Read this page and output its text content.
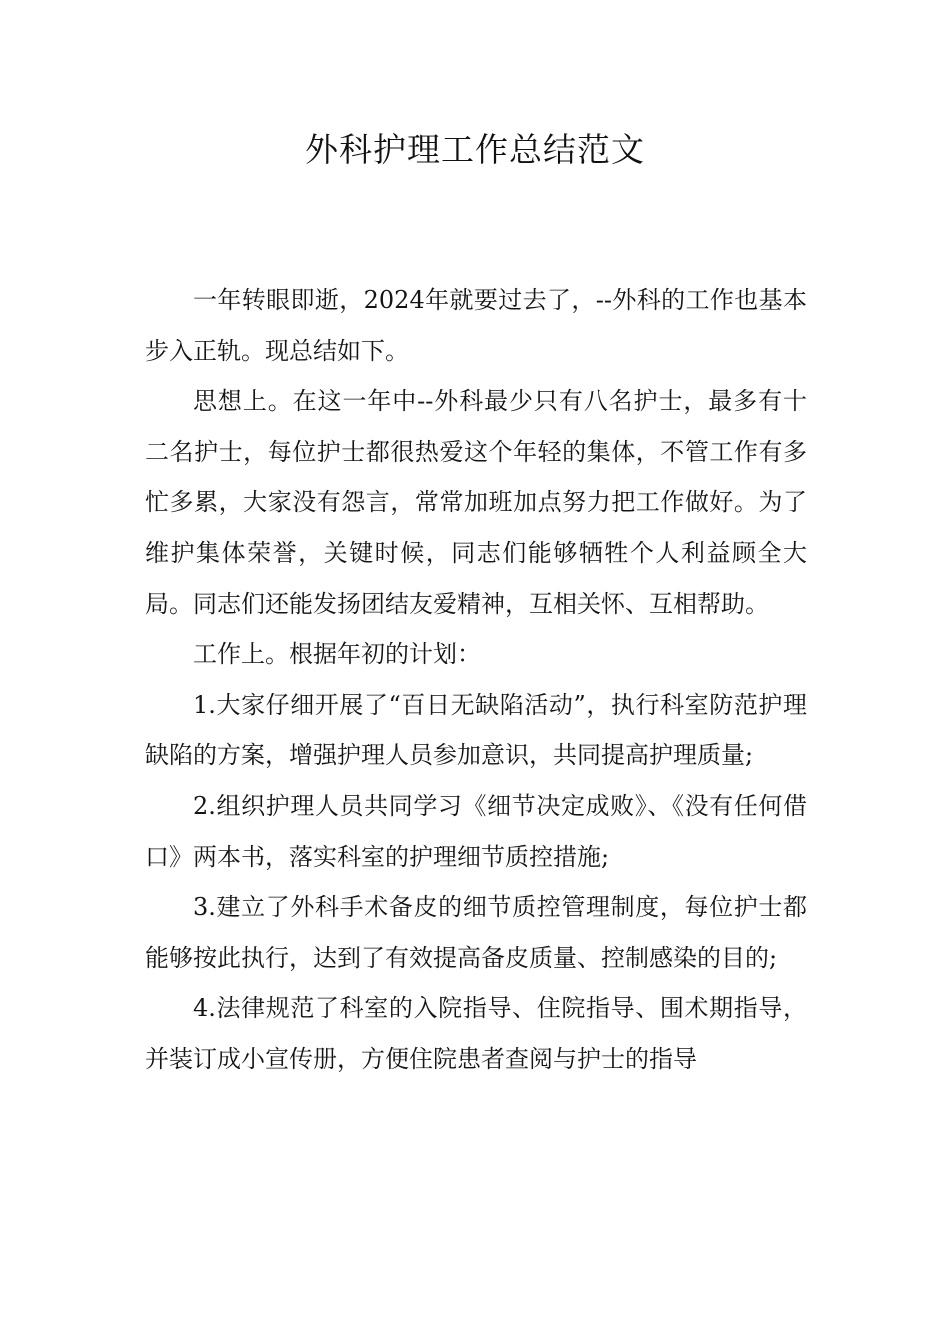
外科护理工作总结范文

一年转眼即逝，2024年就要过去了，--外科的工作也基本步入正轨。现总结如下。

思想上。在这一年中--外科最少只有八名护士，最多有十二名护士，每位护士都很热爱这个年轻的集体，不管工作有多忙多累，大家没有怨言，常常加班加点努力把工作做好。为了维护集体荣誉，关键时候，同志们能够牺牲个人利益顾全大局。同志们还能发扬团结友爱精神，互相关怀、互相帮助。

工作上。根据年初的计划：

1.大家仔细开展了“百日无缺陷活动”，执行科室防范护理缺陷的方案，增强护理人员参加意识，共同提高护理质量;

2.组织护理人员共同学习《细节决定成败》、《没有任何借口》两本书，落实科室的护理细节质控措施;

3.建立了外科手术备皮的细节质控管理制度，每位护士都能够按此执行，达到了有效提高备皮质量、控制感染的目的;

4.法律规范了科室的入院指导、住院指导、围术期指导，并装订成小宣传册，方便住院患者查阅与护士的指导
